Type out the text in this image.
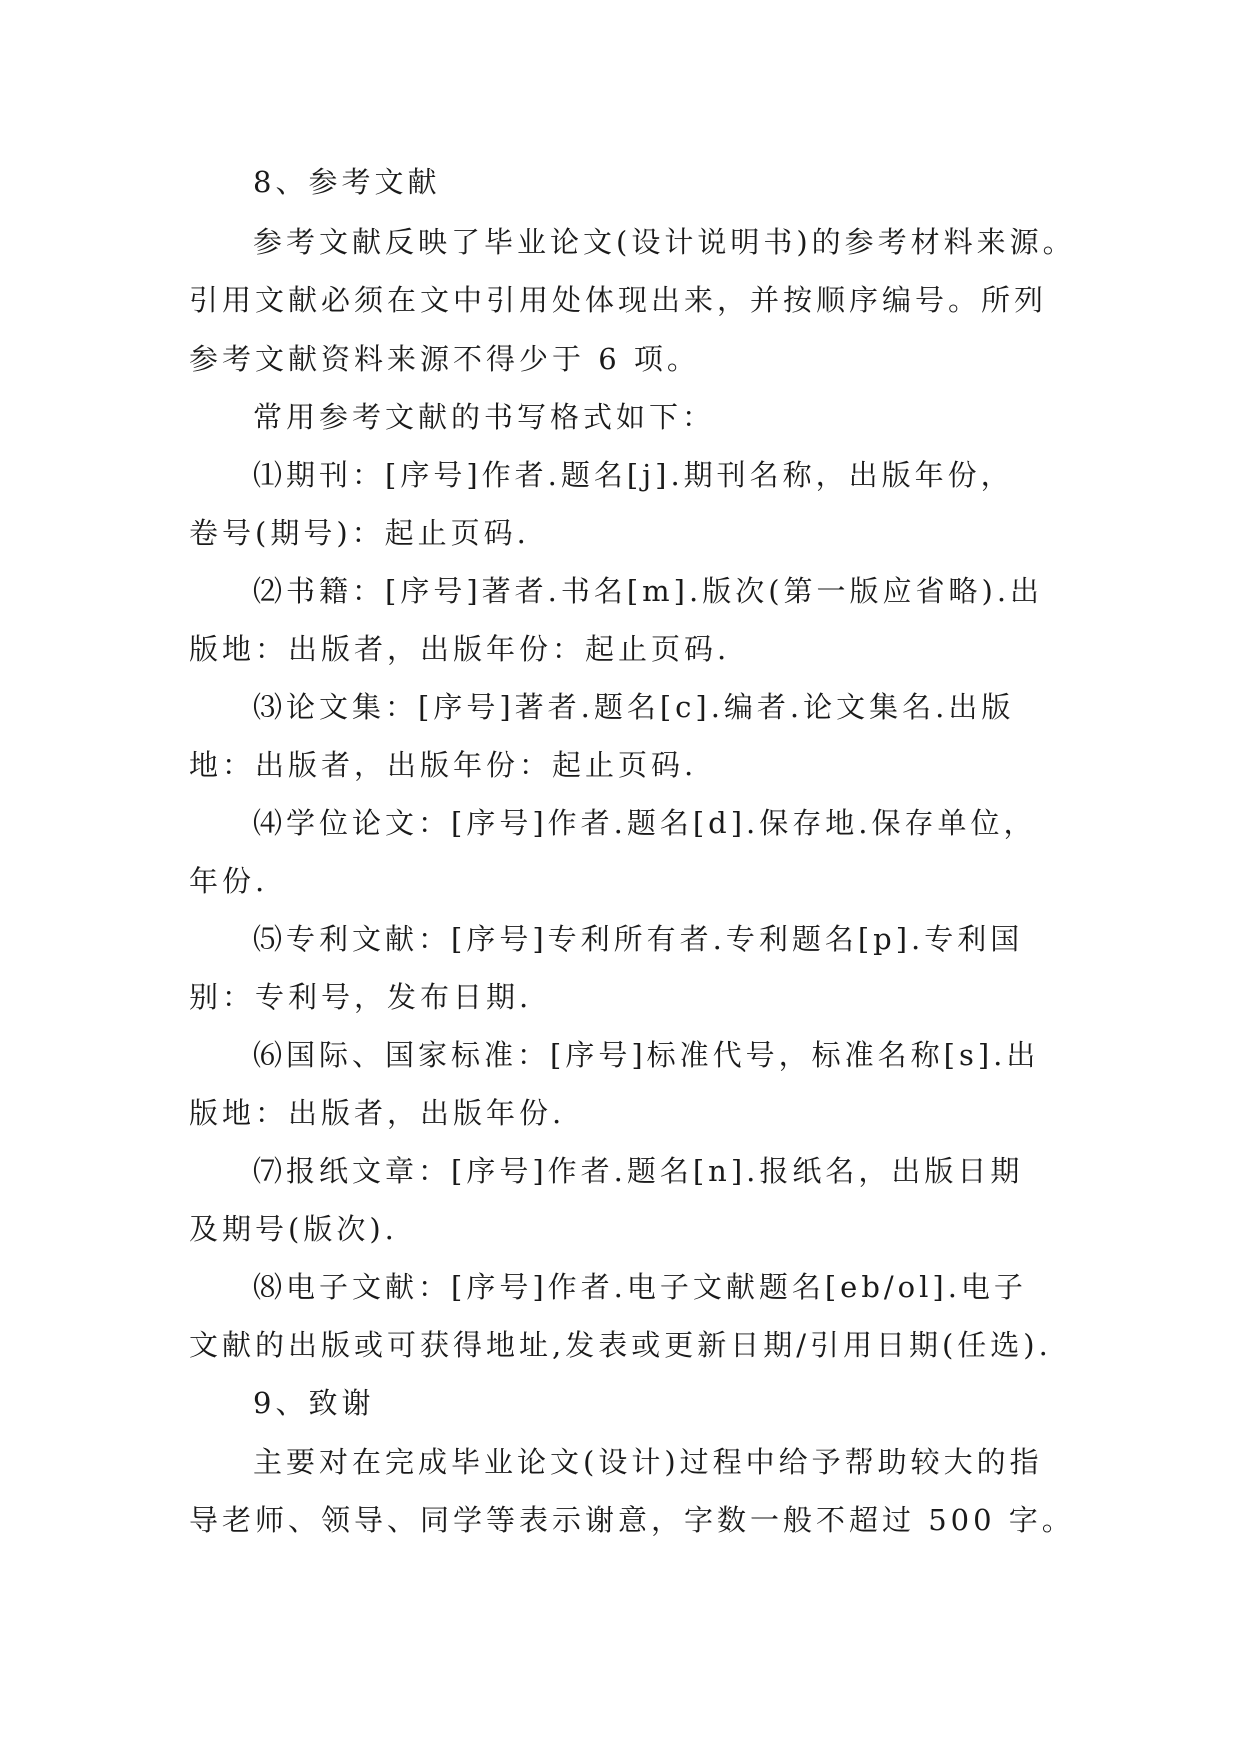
8、参考文献
参考文献反映了毕业论文(设计说明书)的参考材料来源。
引用文献必须在文中引用处体现出来，并按顺序编号。所列
参考文献资料来源不得少于 6 项。
常用参考文献的书写格式如下：
⑴期刊：[序号]作者.题名[j].期刊名称，出版年份，
卷号(期号)：起止页码.
⑵书籍：[序号]著者.书名[m].版次(第一版应省略).出
版地：出版者，出版年份：起止页码.
⑶论文集：[序号]著者.题名[c].编者.论文集名.出版
地：出版者，出版年份：起止页码.
⑷学位论文：[序号]作者.题名[d].保存地.保存单位，
年份.
⑸专利文献：[序号]专利所有者.专利题名[p].专利国
别：专利号，发布日期.
⑹国际、国家标准：[序号]标准代号，标准名称[s].出
版地：出版者，出版年份.
⑺报纸文章：[序号]作者.题名[n].报纸名，出版日期
及期号(版次).
⑻电子文献：[序号]作者.电子文献题名[eb/ol].电子
文献的出版或可获得地址,发表或更新日期/引用日期(任选).
9、致谢
主要对在完成毕业论文(设计)过程中给予帮助较大的指
导老师、领导、同学等表示谢意，字数一般不超过 500 字。
